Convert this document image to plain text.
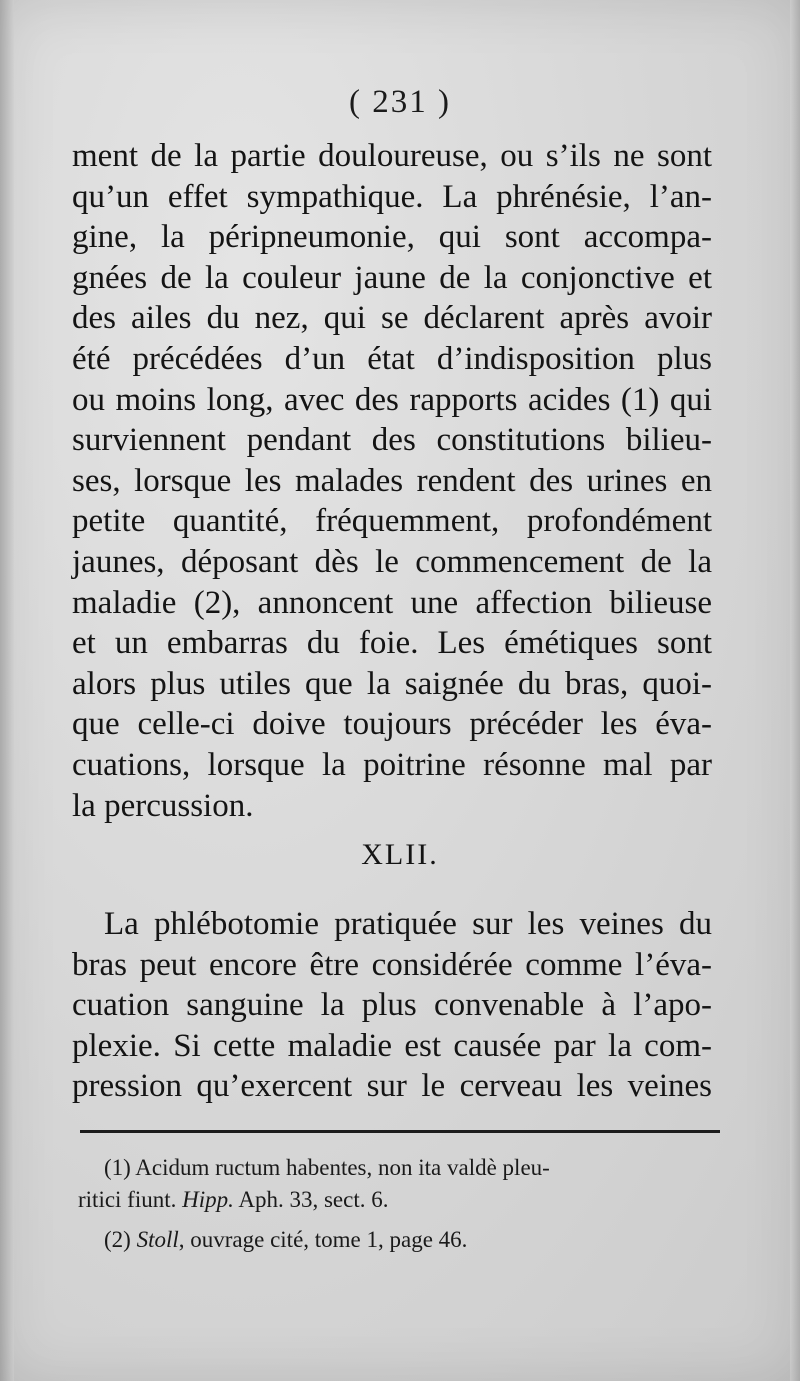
( 231 )
ment de la partie douloureuse, ou s’ils ne sont
qu’un effet sympathique. La phrénésie, l’an-
gine, la péripneumonie, qui sont accompa-
gnées de la couleur jaune de la conjonctive et
des ailes du nez, qui se déclarent après avoir
été précédées d’un état d’indisposition plus
ou moins long, avec des rapports acides (1) qui
surviennent pendant des constitutions bilieu-
ses, lorsque les malades rendent des urines en
petite quantité, fréquemment, profondément
jaunes, déposant dès le commencement de la
maladie (2), annoncent une affection bilieuse
et un embarras du foie. Les émétiques sont
alors plus utiles que la saignée du bras, quoi-
que celle-ci doive toujours précéder les éva-
cuations, lorsque la poitrine résonne mal par
la percussion.
XLII.
La phlébotomie pratiquée sur les veines du
bras peut encore être considérée comme l’éva-
cuation sanguine la plus convenable à l’apo-
plexie. Si cette maladie est causée par la com-
pression qu’exercent sur le cerveau les veines
(1) Acidum ructum habentes, non ita valdè pleu-
ritici fiunt. Hipp. Aph. 33, sect. 6.
(2) Stoll, ouvrage cité, tome 1, page 46.
